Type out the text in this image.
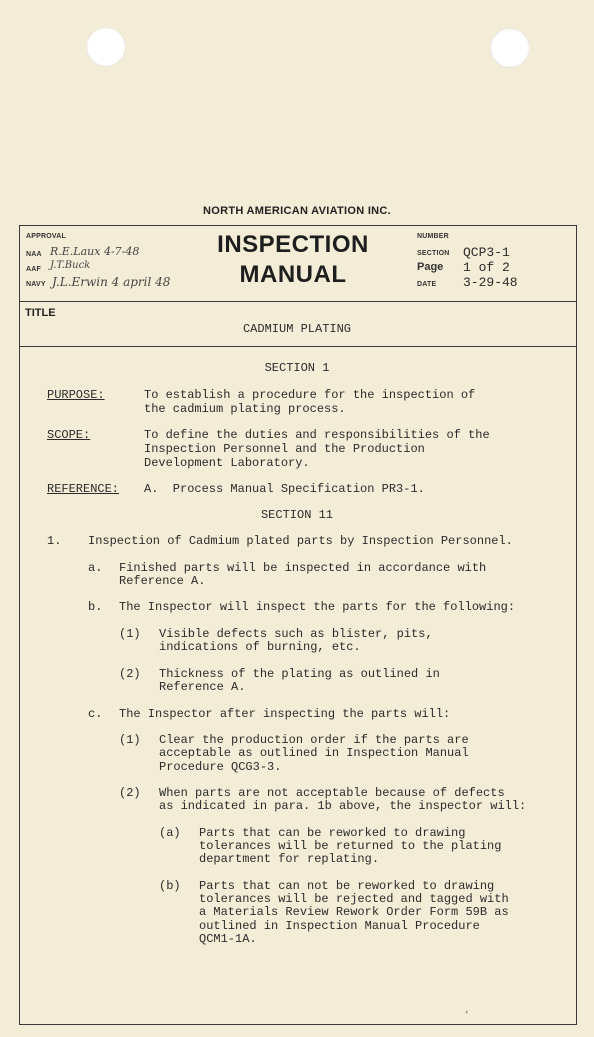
NORTH AMERICAN AVIATION INC.
APPROVAL
NAA
AAF
NAVY
R.E.Laux 4-7-48
J.T.Buck
J.L.Erwin 4 april 48
INSPECTION
MANUAL
NUMBER
SECTION QCP3-1
Page 1 of 2
DATE 3-29-48
TITLE
CADMIUM PLATING
SECTION 1
PURPOSE:	To establish a procedure for the inspection of
the cadmium plating process.
SCOPE:	To define the duties and responsibilities of the
Inspection Personnel and the Production
Development Laboratory.
REFERENCE: A.  Process Manual Specification PR3-1.
SECTION 11
1. Inspection of Cadmium plated parts by Inspection Personnel.
a. Finished parts will be inspected in accordance with
Reference A.
b. The Inspector will inspect the parts for the following:
(1) Visible defects such as blister, pits,
indications of burning, etc.
(2) Thickness of the plating as outlined in
Reference A.
c. The Inspector after inspecting the parts will:
(1) Clear the production order if the parts are
acceptable as outlined in Inspection Manual
Procedure QCG3-3.
(2) When parts are not acceptable because of defects
as indicated in para. 1b above, the inspector will:
(a) Parts that can be reworked to drawing
tolerances will be returned to the plating
department for replating.
(b) Parts that can not be reworked to drawing
tolerances will be rejected and tagged with
a Materials Review Rework Order Form 59B as
outlined in Inspection Manual Procedure
QCM1-1A.
‘
